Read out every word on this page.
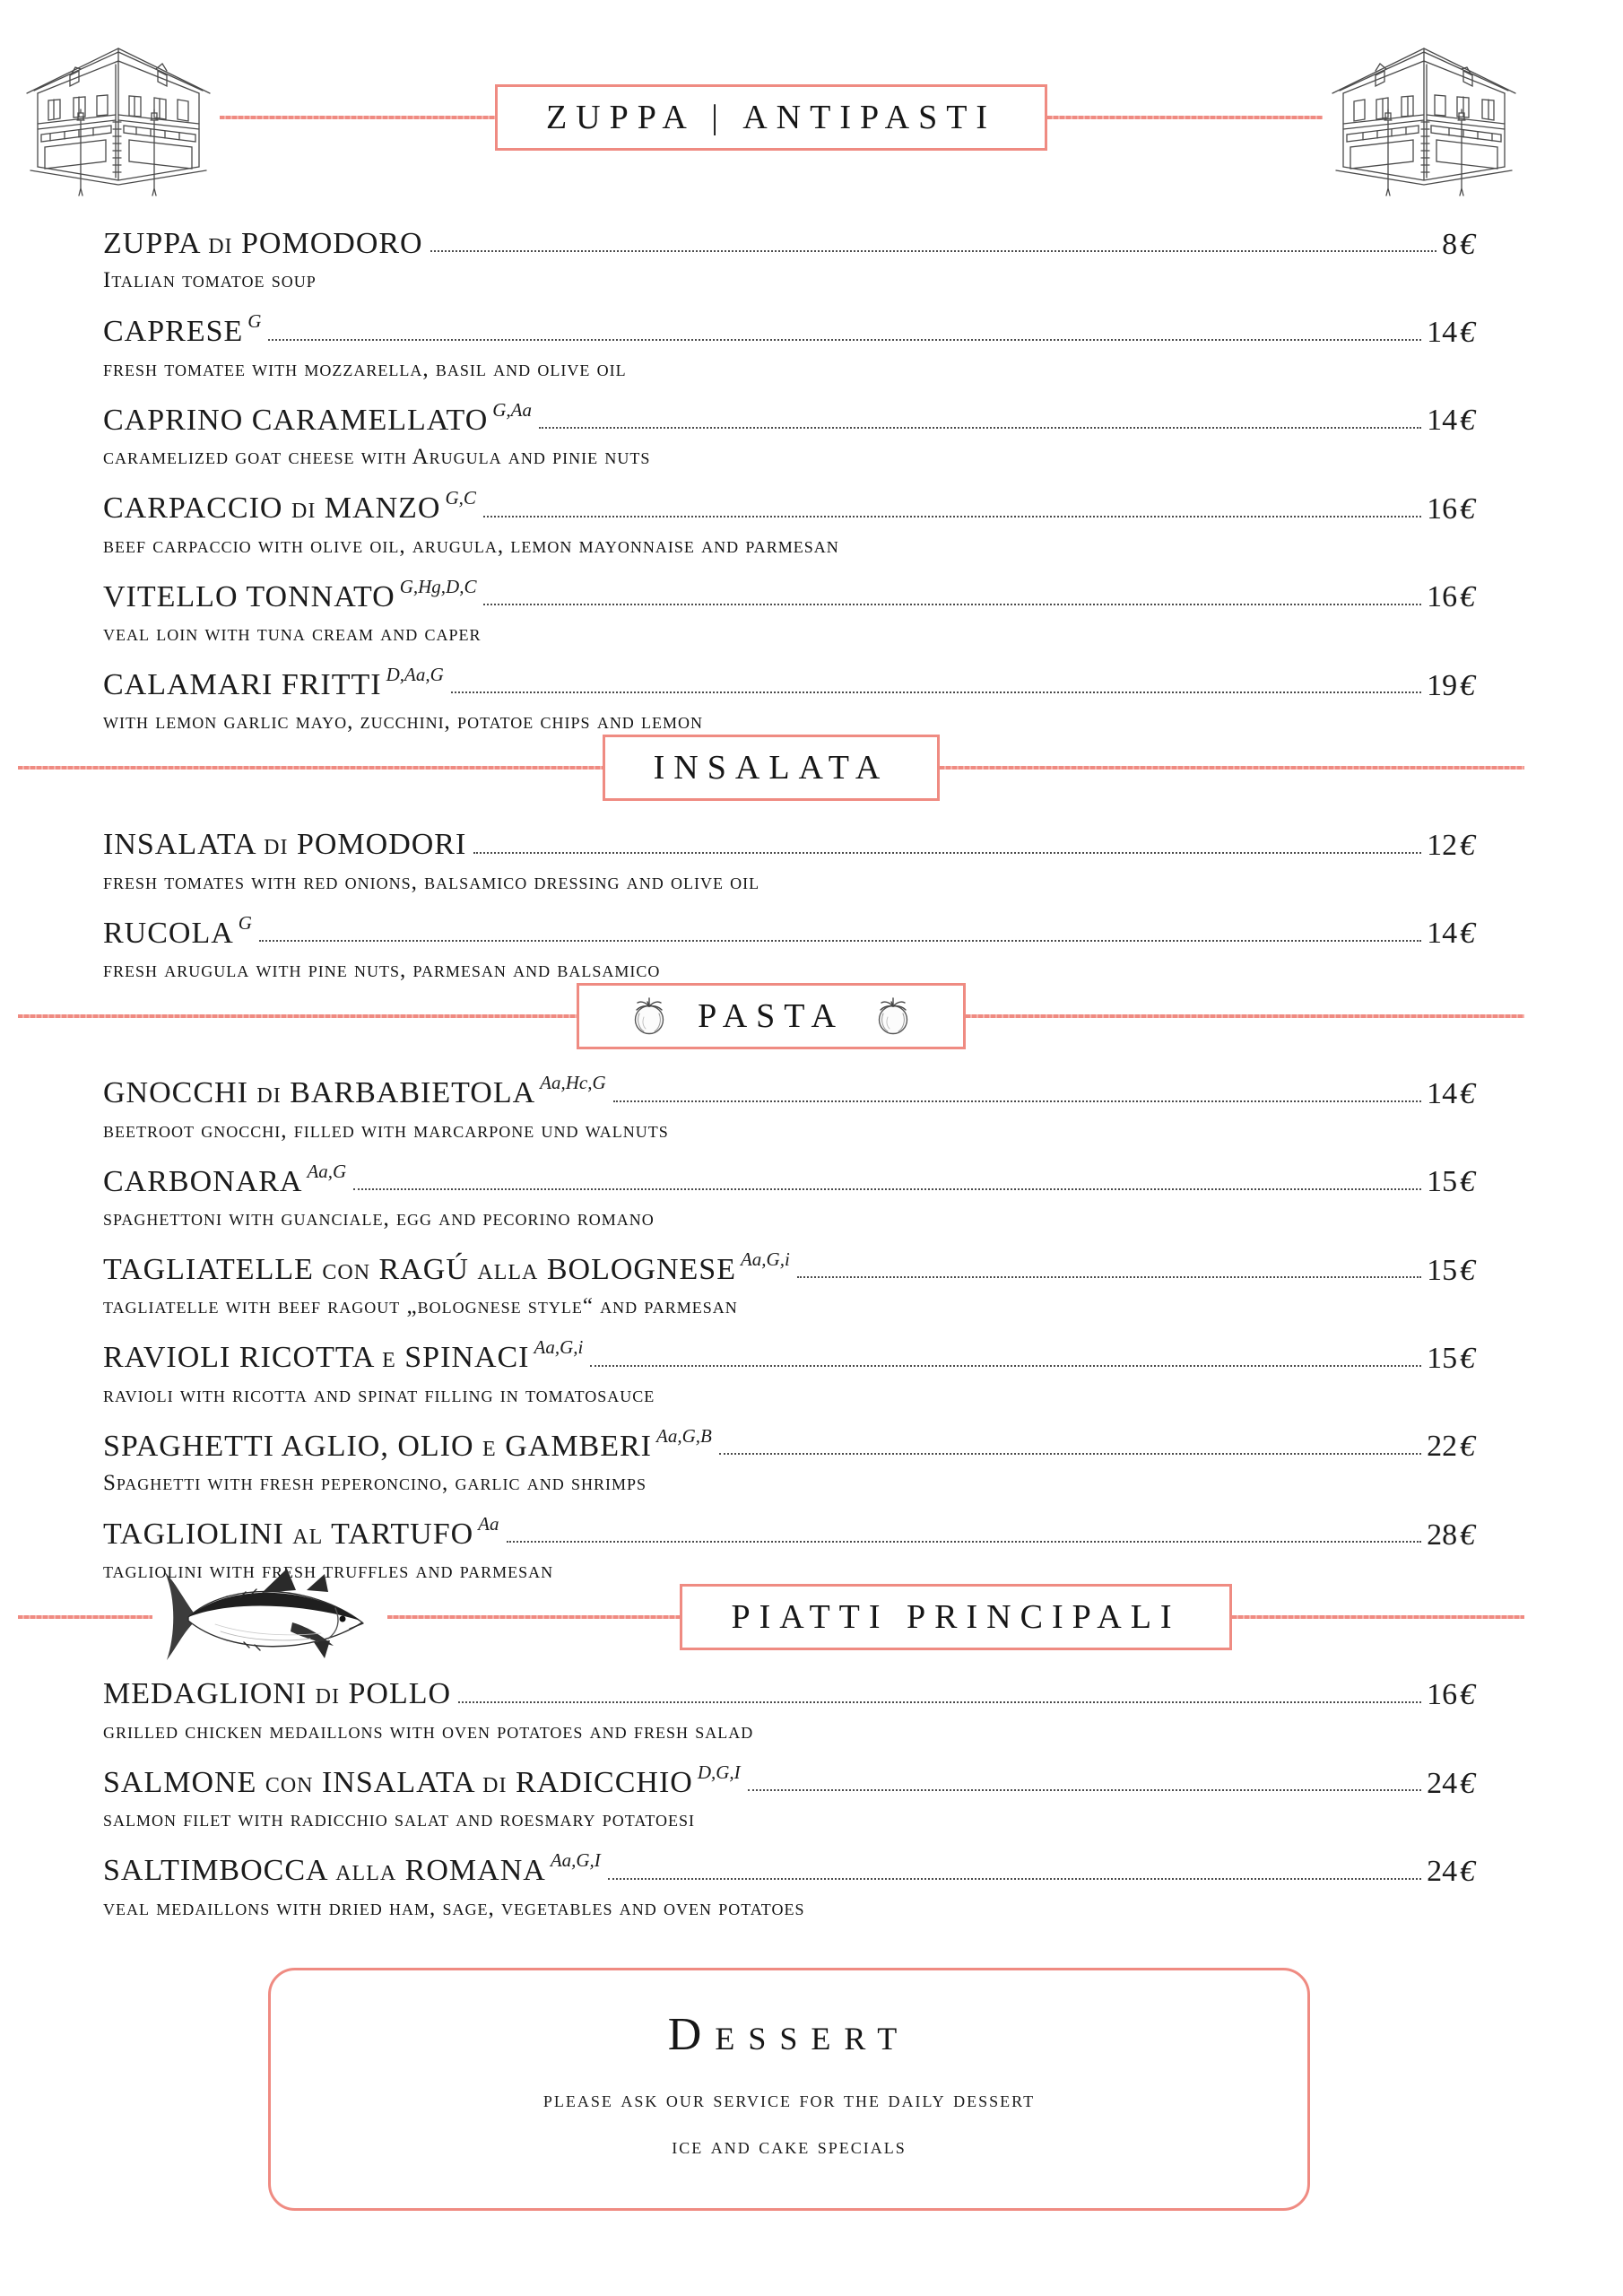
ZUPPA | ANTIPASTI
ZUPPA di POMODORO	8 €
Italian tomatoe soup
CAPRESE $^G$	14 €
fresh tomatee with mozzarella, basil and olive oil
CAPRINO CARAMELLATO $^{G,Aa}$	14 €
caramelized goat cheese with Arugula and pinie nuts
CARPACCIO di MANZO $^{G,C}$	16 €
beef carpaccio with olive oil, arugula, lemon mayonnaise and parmesan
VITELLO TONNATO $^{G,Hg,D,C}$	16 €
veal loin with tuna cream and caper
CALAMARI FRITTI $^{D,Aa,G}$	19 €
with lemon garlic mayo, zucchini, potatoe chips and lemon
INSALATA
INSALATA di POMODORI	12 €
fresh tomates with red onions, balsamico dressing and olive oil
RUCOLA $^G$	14 €
fresh arugula with pine nuts, parmesan and balsamico
PASTA
GNOCCHI di BARBABIETOLA $^{Aa,Hc,G}$	14 €
beetroot gnocchi, filled with marcarpone und walnuts
CARBONARA $^{Aa,G}$	15 €
spaghettoni with guanciale, egg and pecorino romano
TAGLIATELLE con RAGÚ alla BOLOGNESE $^{Aa,G,i}$	15 €
tagliatelle with beef ragout „bolognese style“ and parmesan
RAVIOLI RICOTTA e SPINACI $^{Aa,G,i}$	15 €
ravioli with ricotta and spinat filling in tomatosauce
SPAGHETTI AGLIO, OLIO e GAMBERI $^{Aa,G,B}$	22 €
Spaghetti with fresh peperoncino, garlic and shrimps
TAGLIOLINI al TARTUFO $^{Aa}$	28 €
tagliolini with fresh truffles and parmesan
PIATTI PRINCIPALI
MEDAGLIONI di POLLO	16 €
grilled chicken medaillons with oven potatoes and fresh salad
SALMONE con INSALATA di RADICCHIO $^{D,G,I}$	24 €
salmon filet with radicchio salat and roesmary potatoesi
SALTIMBOCCA alla ROMANA $^{Aa,G,I}$	24 €
veal medaillons with dried ham, sage, vegetables and oven potatoes
Dessert
please ask our service for the daily dessert
ice and cake specials
